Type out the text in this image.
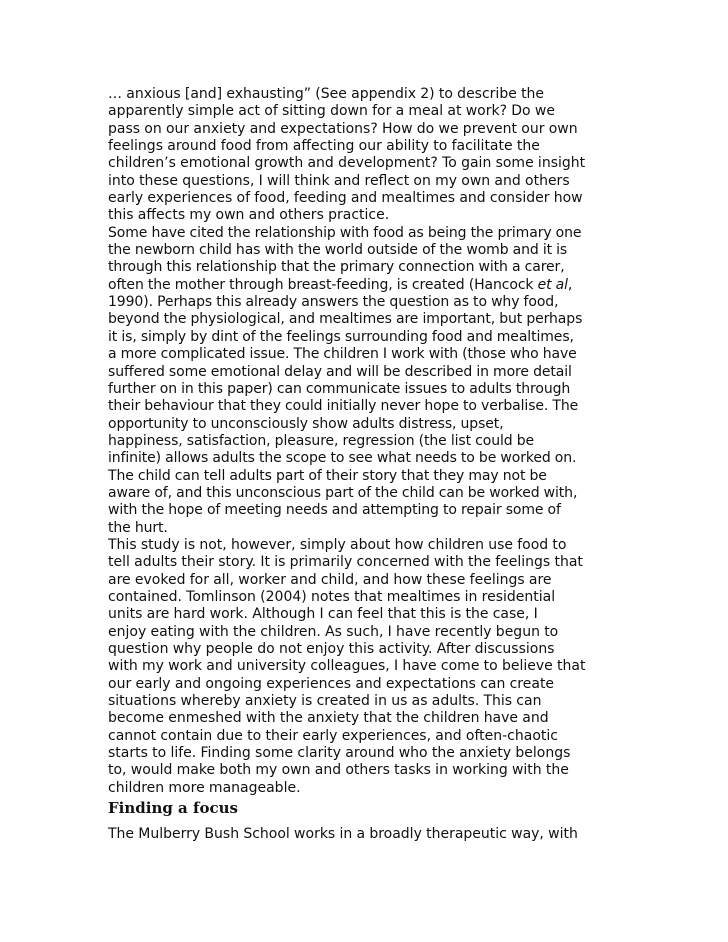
… anxious [and] exhausting” (See appendix 2) to describe the
apparently simple act of sitting down for a meal at work? Do we
pass on our anxiety and expectations? How do we prevent our own
feelings around food from affecting our ability to facilitate the
children’s emotional growth and development? To gain some insight
into these questions, I will think and reflect on my own and others
early experiences of food, feeding and mealtimes and consider how
this affects my own and others practice.

Some have cited the relationship with food as being the primary one
the newborn child has with the world outside of the womb and it is
through this relationship that the primary connection with a carer,
often the mother through breast-feeding, is created (Hancock et al,
1990). Perhaps this already answers the question as to why food,
beyond the physiological, and mealtimes are important, but perhaps
it is, simply by dint of the feelings surrounding food and mealtimes,
a more complicated issue. The children I work with (those who have
suffered some emotional delay and will be described in more detail
further on in this paper) can communicate issues to adults through
their behaviour that they could initially never hope to verbalise. The
opportunity to unconsciously show adults distress, upset,
happiness, satisfaction, pleasure, regression (the list could be
infinite) allows adults the scope to see what needs to be worked on.
The child can tell adults part of their story that they may not be
aware of, and this unconscious part of the child can be worked with,
with the hope of meeting needs and attempting to repair some of
the hurt.

This study is not, however, simply about how children use food to
tell adults their story. It is primarily concerned with the feelings that
are evoked for all, worker and child, and how these feelings are
contained. Tomlinson (2004) notes that mealtimes in residential
units are hard work. Although I can feel that this is the case, I
enjoy eating with the children. As such, I have recently begun to
question why people do not enjoy this activity. After discussions
with my work and university colleagues, I have come to believe that
our early and ongoing experiences and expectations can create
situations whereby anxiety is created in us as adults. This can
become enmeshed with the anxiety that the children have and
cannot contain due to their early experiences, and often-chaotic
starts to life. Finding some clarity around who the anxiety belongs
to, would make both my own and others tasks in working with the
children more manageable.

Finding a focus

The Mulberry Bush School works in a broadly therapeutic way, with
